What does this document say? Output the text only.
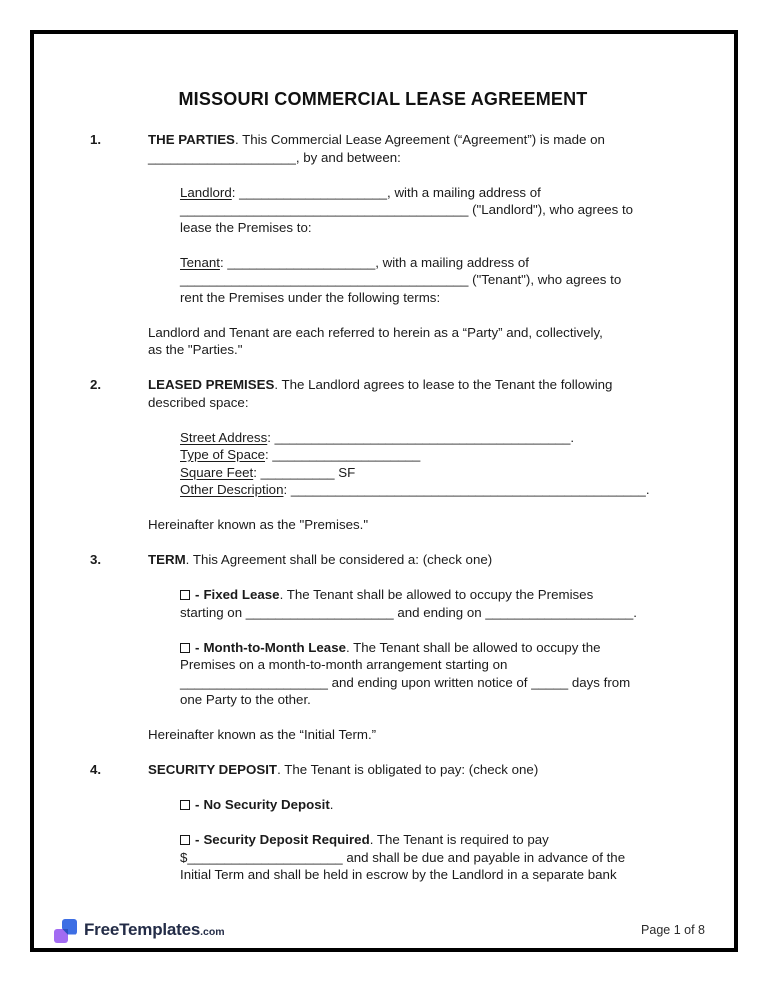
MISSOURI COMMERCIAL LEASE AGREEMENT
1.	THE PARTIES. This Commercial Lease Agreement (“Agreement”) is made on
____________________, by and between:
Landlord: ____________________, with a mailing address of
_______________________________________ ("Landlord"), who agrees to
lease the Premises to:
Tenant: ____________________, with a mailing address of
_______________________________________ ("Tenant"), who agrees to
rent the Premises under the following terms:
Landlord and Tenant are each referred to herein as a “Party” and, collectively,
as the "Parties."
2.	LEASED PREMISES. The Landlord agrees to lease to the Tenant the following
described space:
Street Address: ________________________________________.
Type of Space: ____________________
Square Feet: __________ SF
Other Description: ________________________________________________.
Hereinafter known as the "Premises."
3.	TERM. This Agreement shall be considered a: (check one)
- Fixed Lease. The Tenant shall be allowed to occupy the Premises
starting on ____________________ and ending on ____________________.
- Month-to-Month Lease. The Tenant shall be allowed to occupy the
Premises on a month-to-month arrangement starting on
____________________ and ending upon written notice of _____ days from
one Party to the other.
Hereinafter known as the “Initial Term.”
4.	SECURITY DEPOSIT. The Tenant is obligated to pay: (check one)
- No Security Deposit.
- Security Deposit Required. The Tenant is required to pay
$_____________________ and shall be due and payable in advance of the
Initial Term and shall be held in escrow by the Landlord in a separate bank
FreeTemplates.com	Page 1 of 8
